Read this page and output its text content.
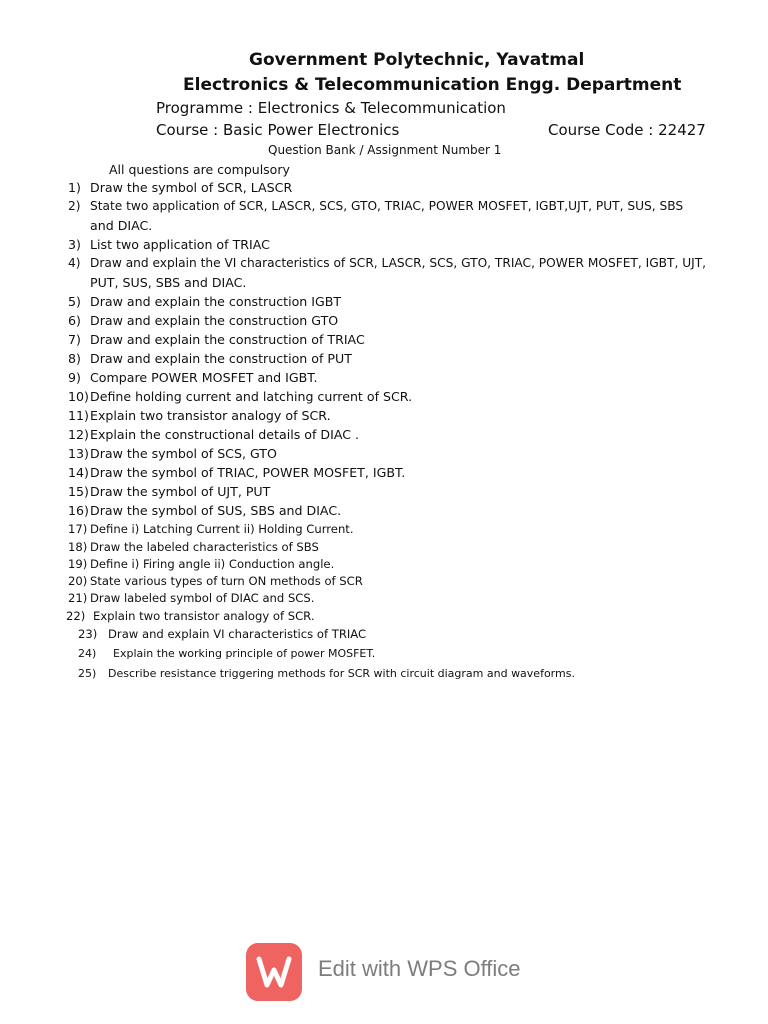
Government Polytechnic, Yavatmal
Electronics & Telecommunication Engg. Department
Programme : Electronics & Telecommunication
Course : Basic Power Electronics	Course Code : 22427
Question Bank / Assignment Number 1
All questions are compulsory
1) Draw the symbol of SCR, LASCR
2) State two application of SCR, LASCR, SCS, GTO, TRIAC, POWER MOSFET, IGBT,UJT, PUT, SUS, SBS
and DIAC.
3) List two application of TRIAC
4) Draw and explain the VI characteristics of SCR, LASCR, SCS, GTO, TRIAC, POWER MOSFET, IGBT, UJT,
PUT, SUS, SBS and DIAC.
5) Draw and explain the construction IGBT
6) Draw and explain the construction GTO
7) Draw and explain the construction of TRIAC
8) Draw and explain the construction of PUT
9) Compare POWER MOSFET and IGBT.
10) Define holding current and latching current of SCR.
11) Explain two transistor analogy of SCR.
12) Explain the constructional details of DIAC .
13) Draw the symbol of SCS, GTO
14) Draw the symbol of TRIAC, POWER MOSFET, IGBT.
15) Draw the symbol of UJT, PUT
16) Draw the symbol of SUS, SBS and DIAC.
17) Define i) Latching Current ii) Holding Current.
18) Draw the labeled characteristics of SBS
19) Define i) Firing angle ii) Conduction angle.
20) State various types of turn ON methods of SCR
21) Draw labeled symbol of DIAC and SCS.
22) Explain two transistor analogy of SCR.
23) Draw and explain VI characteristics of TRIAC
24) Explain the working principle of power MOSFET.
25) Describe resistance triggering methods for SCR with circuit diagram and waveforms.
Edit with WPS Office
